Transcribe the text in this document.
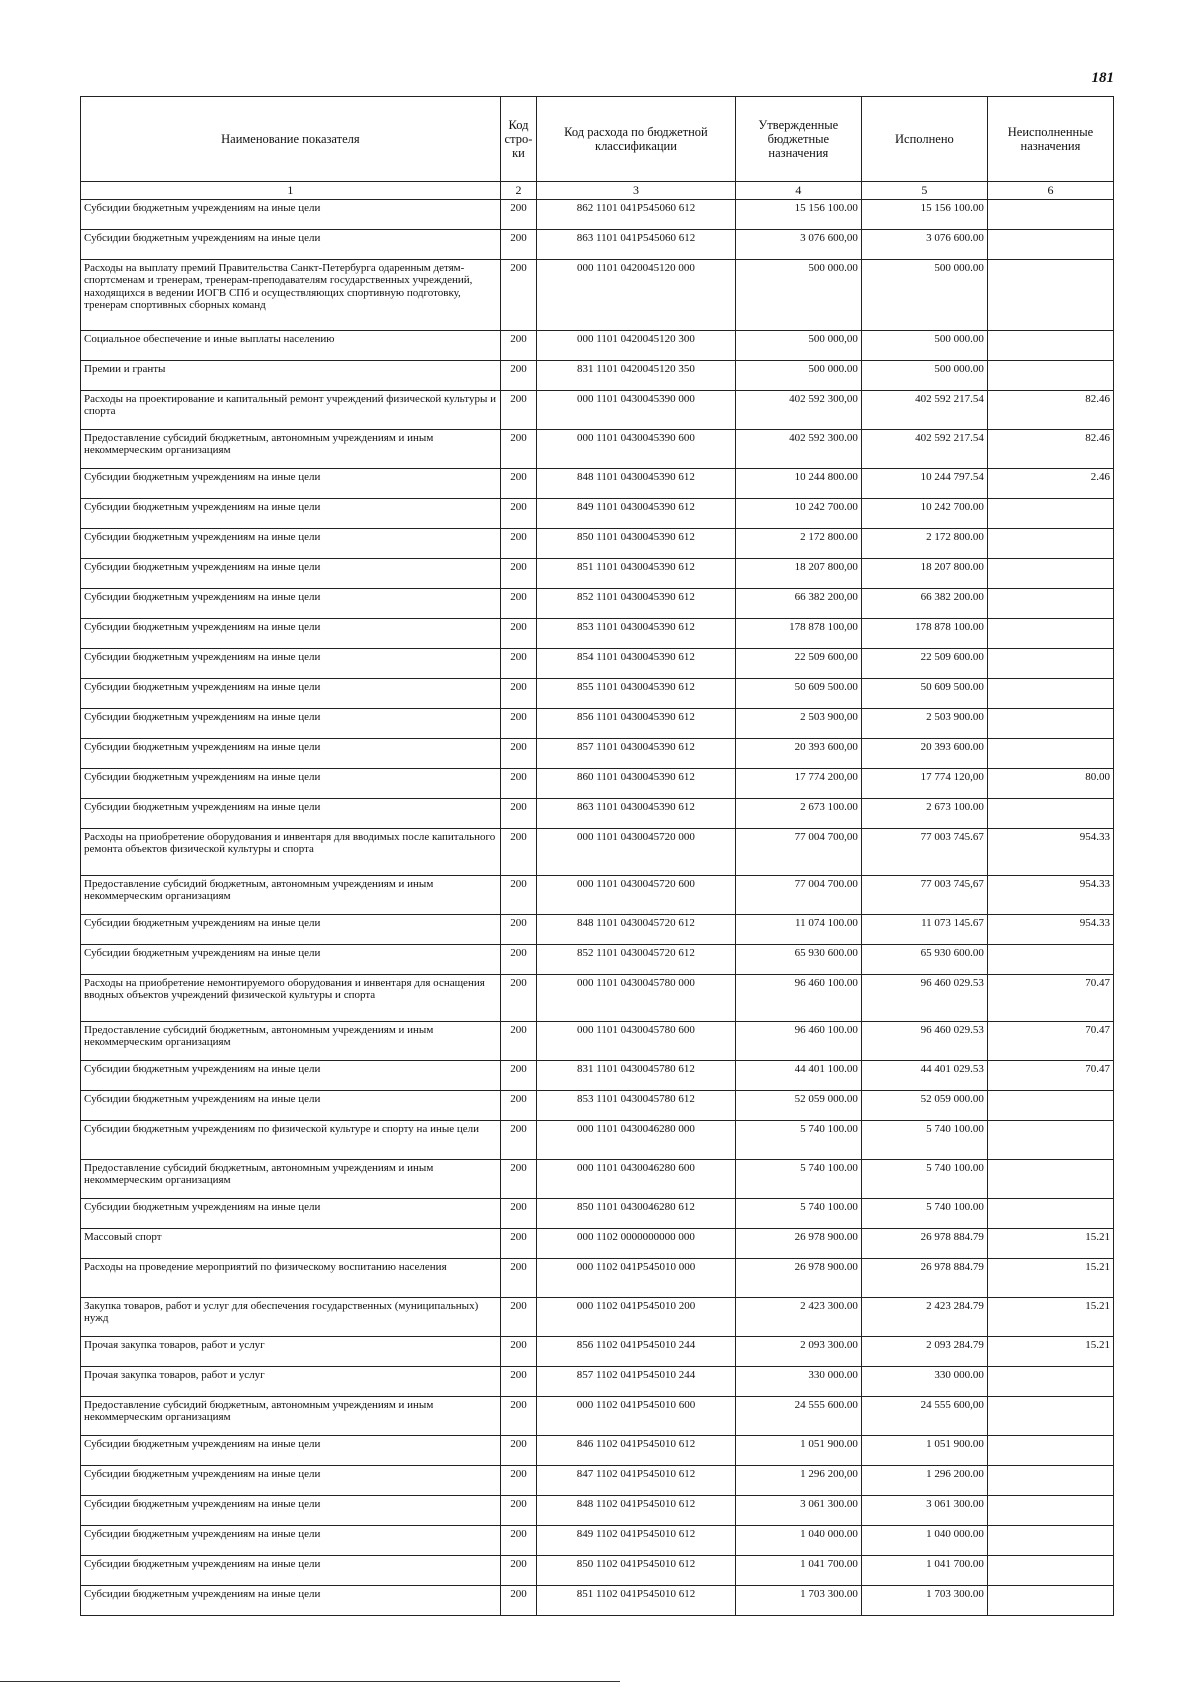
181
Наименование показателя	Код стро- ки	Код расхода по бюджетной классификации	Утвержденные бюджетные назначения	Исполнено	Неисполненные назначения
1	2	3	4	5	6
Субсидии бюджетным учреждениям на иные цели	200	862 1101 041P545060 612	15 156 100.00	15 156 100.00	
Субсидии бюджетным учреждениям на иные цели	200	863 1101 041P545060 612	3 076 600,00	3 076 600.00	
Расходы на выплату премий Правительства Санкт-Петербурга одаренным детям-спортсменам и тренерам, тренерам-преподавателям государственных учреждений, находящихся в ведении ИОГВ СПб и осуществляющих спортивную подготовку, тренерам спортивных сборных команд	200	000 1101 0420045120 000	500 000.00	500 000.00	
Социальное обеспечение и иные выплаты населению	200	000 1101 0420045120 300	500 000,00	500 000.00	
Премии и гранты	200	831 1101 0420045120 350	500 000.00	500 000.00	
Расходы на проектирование и капитальный ремонт учреждений физической культуры и спорта	200	000 1101 0430045390 000	402 592 300,00	402 592 217.54	82.46
Предоставление субсидий бюджетным, автономным учреждениям и иным некоммерческим организациям	200	000 1101 0430045390 600	402 592 300.00	402 592 217.54	82.46
Субсидии бюджетным учреждениям на иные цели	200	848 1101 0430045390 612	10 244 800.00	10 244 797.54	2.46
Субсидии бюджетным учреждениям на иные цели	200	849 1101 0430045390 612	10 242 700.00	10 242 700.00	
Субсидии бюджетным учреждениям на иные цели	200	850 1101 0430045390 612	2 172 800.00	2 172 800.00	
Субсидии бюджетным учреждениям на иные цели	200	851 1101 0430045390 612	18 207 800,00	18 207 800.00	
Субсидии бюджетным учреждениям на иные цели	200	852 1101 0430045390 612	66 382 200,00	66 382 200.00	
Субсидии бюджетным учреждениям на иные цели	200	853 1101 0430045390 612	178 878 100,00	178 878 100.00	
Субсидии бюджетным учреждениям на иные цели	200	854 1101 0430045390 612	22 509 600,00	22 509 600.00	
Субсидии бюджетным учреждениям на иные цели	200	855 1101 0430045390 612	50 609 500.00	50 609 500.00	
Субсидии бюджетным учреждениям на иные цели	200	856 1101 0430045390 612	2 503 900,00	2 503 900.00	
Субсидии бюджетным учреждениям на иные цели	200	857 1101 0430045390 612	20 393 600,00	20 393 600.00	
Субсидии бюджетным учреждениям на иные цели	200	860 1101 0430045390 612	17 774 200,00	17 774 120,00	80.00
Субсидии бюджетным учреждениям на иные цели	200	863 1101 0430045390 612	2 673 100.00	2 673 100.00	
Расходы на приобретение оборудования и инвентаря для вводимых после капитального ремонта объектов физической культуры и спорта	200	000 1101 0430045720 000	77 004 700,00	77 003 745.67	954.33
Предоставление субсидий бюджетным, автономным учреждениям и иным некоммерческим организациям	200	000 1101 0430045720 600	77 004 700.00	77 003 745,67	954.33
Субсидии бюджетным учреждениям на иные цели	200	848 1101 0430045720 612	11 074 100.00	11 073 145.67	954.33
Субсидии бюджетным учреждениям на иные цели	200	852 1101 0430045720 612	65 930 600.00	65 930 600.00	
Расходы на приобретение немонтируемого оборудования и инвентаря для оснащения вводных объектов учреждений физической культуры и спорта	200	000 1101 0430045780 000	96 460 100.00	96 460 029.53	70.47
Предоставление субсидий бюджетным, автономным учреждениям и иным некоммерческим организациям	200	000 1101 0430045780 600	96 460 100.00	96 460 029.53	70.47
Субсидии бюджетным учреждениям на иные цели	200	831 1101 0430045780 612	44 401 100.00	44 401 029.53	70.47
Субсидии бюджетным учреждениям на иные цели	200	853 1101 0430045780 612	52 059 000.00	52 059 000.00	
Субсидии бюджетным учреждениям по физической культуре и спорту на иные цели	200	000 1101 0430046280 000	5 740 100.00	5 740 100.00	
Предоставление субсидий бюджетным, автономным учреждениям и иным некоммерческим организациям	200	000 1101 0430046280 600	5 740 100.00	5 740 100.00	
Субсидии бюджетным учреждениям на иные цели	200	850 1101 0430046280 612	5 740 100.00	5 740 100.00	
Массовый спорт	200	000 1102 0000000000 000	26 978 900.00	26 978 884.79	15.21
Расходы на проведение мероприятий по физическому воспитанию населения	200	000 1102 041P545010 000	26 978 900.00	26 978 884.79	15.21
Закупка товаров, работ и услуг для обеспечения государственных (муниципальных) нужд	200	000 1102 041P545010 200	2 423 300.00	2 423 284.79	15.21
Прочая закупка товаров, работ и услуг	200	856 1102 041P545010 244	2 093 300.00	2 093 284.79	15.21
Прочая закупка товаров, работ и услуг	200	857 1102 041P545010 244	330 000.00	330 000.00	
Предоставление субсидий бюджетным, автономным учреждениям и иным некоммерческим организациям	200	000 1102 041P545010 600	24 555 600.00	24 555 600,00	
Субсидии бюджетным учреждениям на иные цели	200	846 1102 041P545010 612	1 051 900.00	1 051 900.00	
Субсидии бюджетным учреждениям на иные цели	200	847 1102 041P545010 612	1 296 200,00	1 296 200.00	
Субсидии бюджетным учреждениям на иные цели	200	848 1102 041P545010 612	3 061 300.00	3 061 300.00	
Субсидии бюджетным учреждениям на иные цели	200	849 1102 041P545010 612	1 040 000.00	1 040 000.00	
Субсидии бюджетным учреждениям на иные цели	200	850 1102 041P545010 612	1 041 700.00	1 041 700.00	
Субсидии бюджетным учреждениям на иные цели	200	851 1102 041P545010 612	1 703 300.00	1 703 300.00	
